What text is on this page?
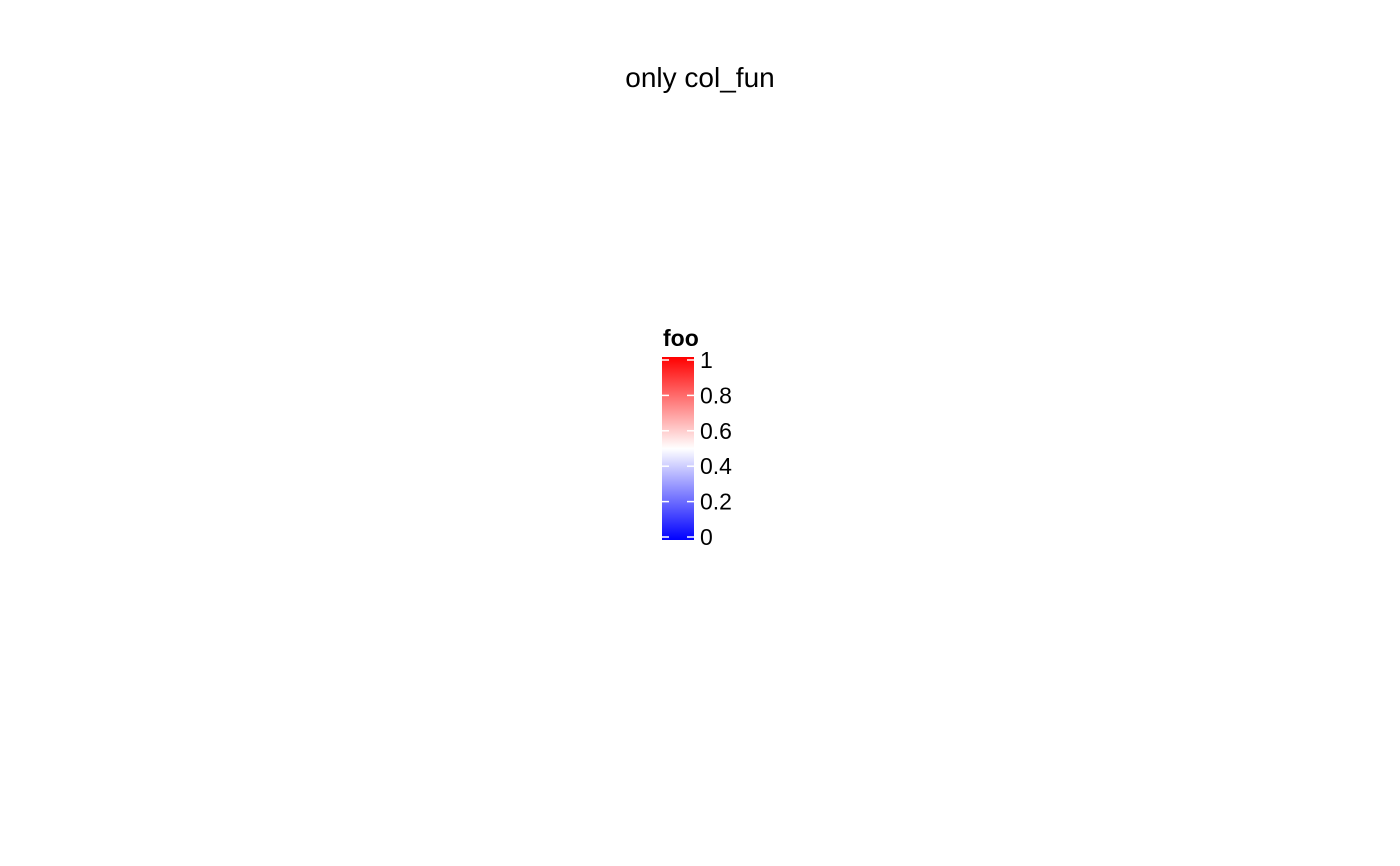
only col_fun
foo
0
0.2
0.4
0.6
0.8
1
